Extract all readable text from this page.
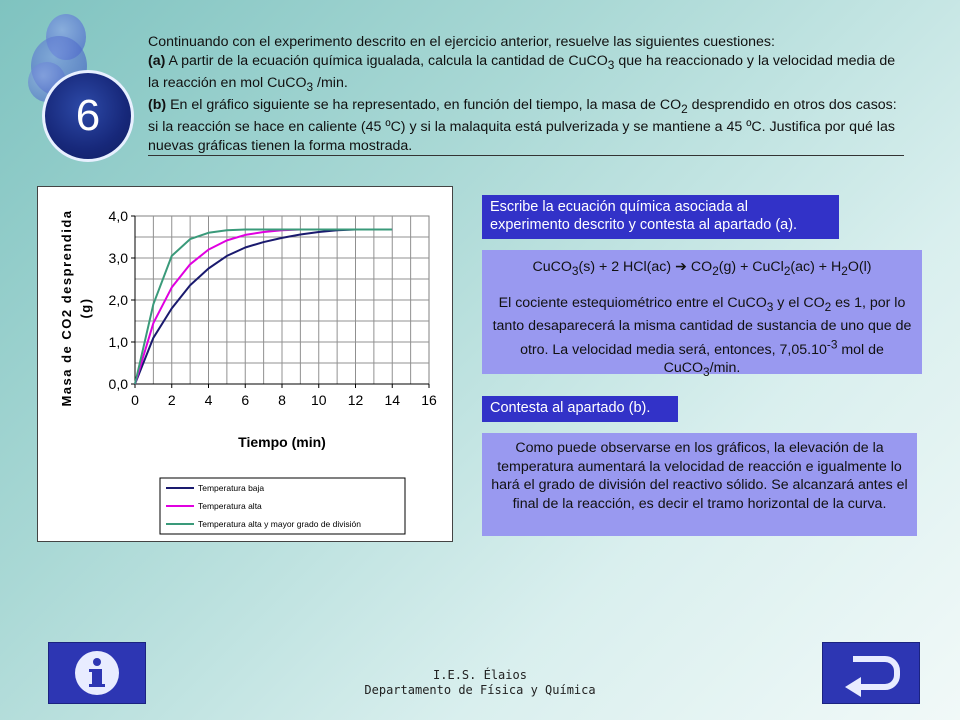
6
Continuando con el experimento descrito en el ejercicio anterior, resuelve las siguientes cuestiones:
(a) A partir de la ecuación química igualada, calcula la cantidad de CuCO$_3$ que ha reaccionado y la velocidad media de la reacción en mol CuCO$_3$ /min.
(b) En el gráfico siguiente se ha representado, en función del tiempo, la masa de $CO_2$ desprendido en otros dos casos: si la reacción se hace en caliente (45 ºC) y si la malaquita está pulverizada y se mantiene a 45 ºC. Justifica por qué las nuevas gráficas tienen la forma mostrada.
0 2 4 6 8 10 12 14 16
0,0
1,0
2,0
3,0
4,0
Tiempo (min)
Masa de CO2 desprendida (g)
Temperatura baja
Temperatura alta
Temperatura alta y mayor grado de división
Escribe la ecuación química asociada al experimento descrito y contesta al apartado (a).
CuCO$_3$(s) + 2 HCl(ac) ➔ $CO_2(g)$ + CuCl$_2$(ac) + $H_2O(l)$
El cociente estequiométrico entre el CuCO$_3$ y el $CO_2$ es 1, por lo tanto desaparecerá la misma cantidad de sustancia de uno que de otro. La velocidad media será, entonces, $7,05.10^{-3}$ mol de CuCO$_3$/min.
Contesta al apartado (b).
Como puede observarse en los gráficos, la elevación de la temperatura aumentará la velocidad de reacción e igualmente lo hará el grado de división del reactivo sólido. Se alcanzará antes el final de la reacción, es decir el tramo horizontal de la curva.
I.E.S. Élaios
Departamento de Física y Química
